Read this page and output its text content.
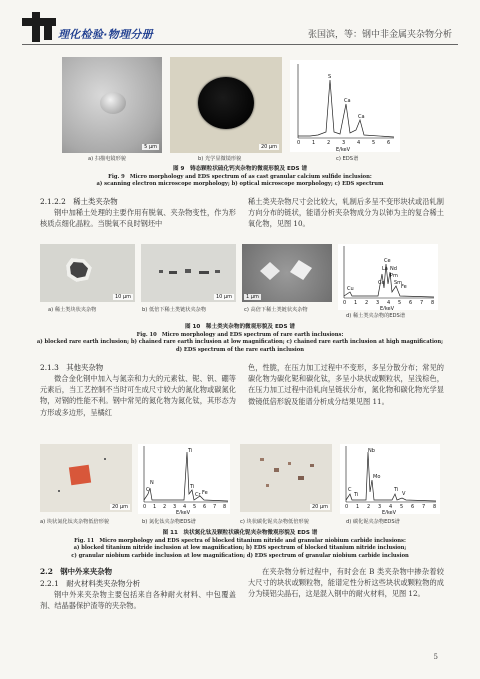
理化检验·物理分册	张国滨，等：钢中非金属夹杂物分析
5 μm	20 μm
S
Ca
Ca
0 1 2 3 4 5 6
E/keV
a) 扫描电镜形貌	b) 光学显微镜形貌	c) EDS谱
图 9　铸态颗粒状硫化钙夹杂物的微观形貌及 EDS 谱
Fig. 9　Micro morphology and EDS spectrum of as cast granular calcium sulfide inclusion:
a) scanning electron microscope morphology; b) optical microscope morphology; c) EDS spectrum
2.1.2.2　稀土类夹杂物
钢中加稀土处理的主要作用有脱氧、夹杂物变性，作为形核质点细化晶粒。当脱氧不良时钢坯中
稀土类夹杂物尺寸会比较大，轧制后多呈不变形块状或沿轧制方向分布的链状，能谱分析夹杂物成分为以铈为主的复合稀土氧化物，见图 10。
10 μm	10 μm	1 μm
Ce
La Nd
Pm
Ce Sm
Fe
Cu
0 1 2 3 4 5 6 7 8
E/keV
a) 稀土类块状夹杂物	b) 低倍下稀土类链状夹杂物	c) 高倍下稀土类链状夹杂物
d) 稀土类夹杂物的EDS谱
图 10　稀土类夹杂物的微观形貌及 EDS 谱
Fig. 10　Micro morphology and EDS spectrum of rare earth inclusions:
a) blocked rare earth inclusion; b) chained rare earth inclusion at low magnification; c) chained rare earth inclusion at high magnification;
d) EDS spectrum of the rare earth inclusion
2.1.3　其他夹杂物
微合金化钢中加入与氮亲和力大的元素钛、铌、钒、硼等元素后，当工艺控制不当时可生成尺寸较大的氮化物或碳氮化物，对钢的性能不利。钢中常见的氮化物为氮化钛，其形态为方形或多边形，呈橘红
色，性脆，在压力加工过程中不变形，多呈分散分布；常见的碳化物为碳化铌和碳化钛，多呈小块状或颗粒状，呈浅棕色，在压力加工过程中沿轧向呈链状分布，氮化物和碳化物光学显微镜低倍形貌及能谱分析成分结果见图 11。
20 μm
Ti
N
C	Ti
Cr Fe
0 1 2 3 4 5 6 7 8
E/keV
20 μm
Nb
Mo
C	Ti
V
Ti
0 1 2 3 4 5 6 7 8
E/keV
a) 块状氮化钛夹杂物低倍形貌	b) 氮化钛夹杂物EDS谱	c) 块状碳化铌夹杂物低倍形貌	d) 碳化铌夹杂物EDS谱
图 11　块状氮化钛及颗粒状碳化铌夹杂物微观形貌及 EDS 谱
Fig. 11　Micro morphology and EDS spectra of blocked titanium nitride and granular niobium carbide inclusions:
a) blocked titanium nitride inclusion at low magnification; b) EDS spectrum of blocked titanium nitride inclusion;
c) granular niobium carbide inclusion at low magnification; d) EDS spectrum of granular niobium carbide inclusion
2.2　钢中外来夹杂物
2.2.1　耐火材料类夹杂物分析
钢中外来夹杂物主要包括来自各种耐火材料、中包覆盖剂、结晶器保护渣等的夹杂物。
在夹杂物分析过程中，有时会在 B 类夹杂物中掺杂着较大尺寸的块状或颗粒物，能谱定性分析这些块状或颗粒物的成分为镁铝尖晶石，这是混入钢中的耐火材料，见图 12。
5
